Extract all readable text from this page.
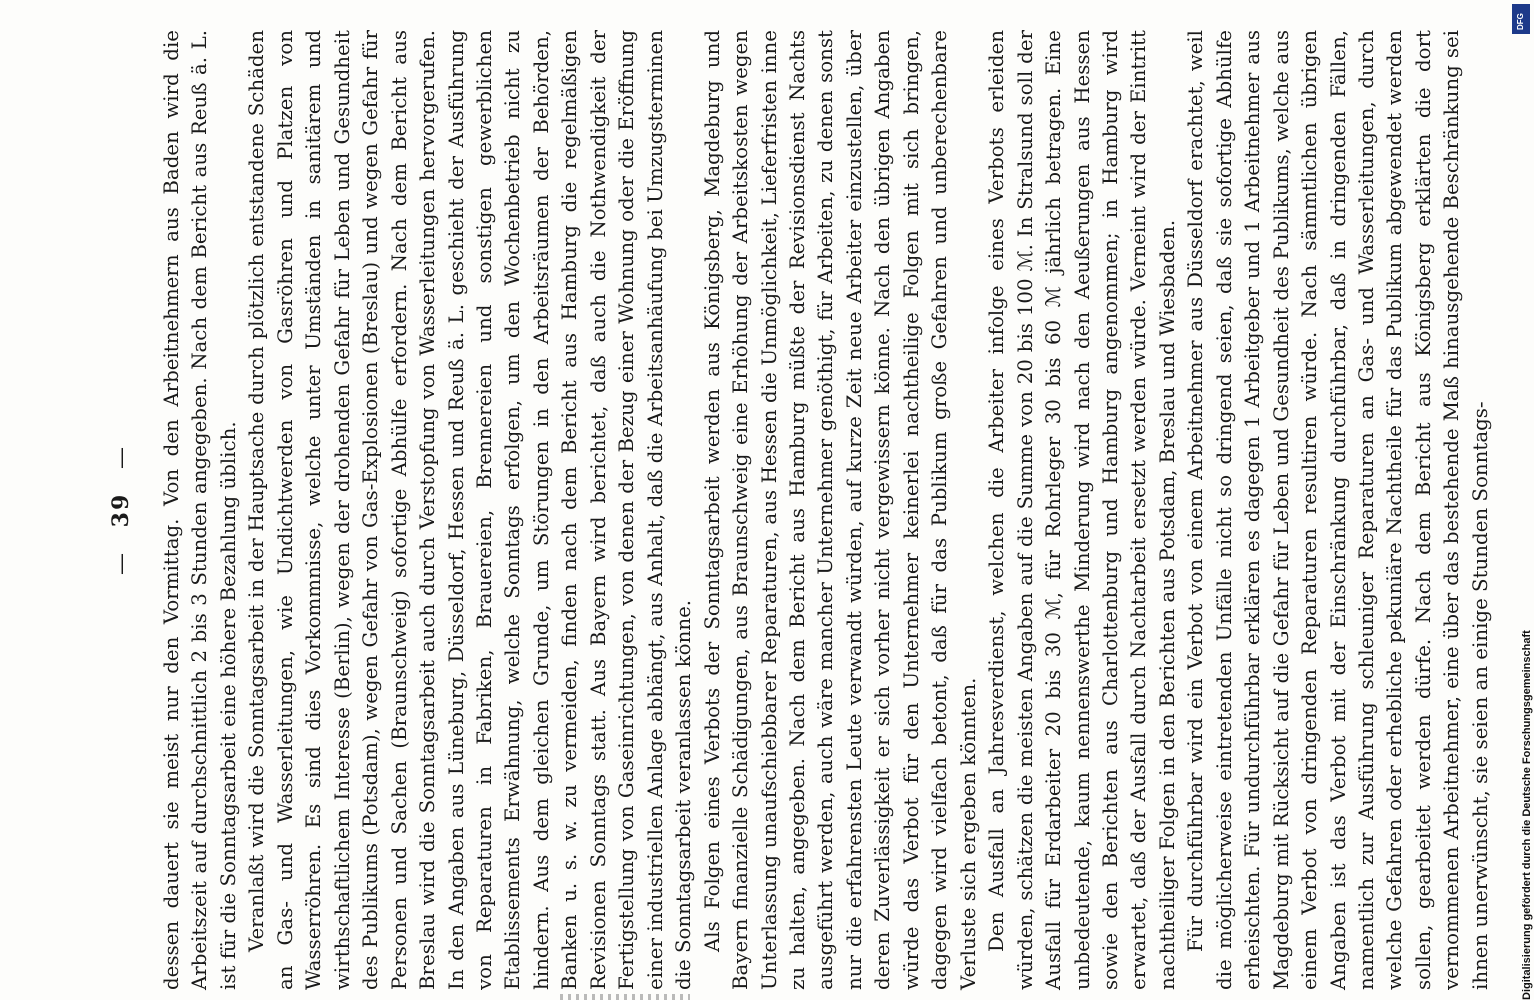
— 39 — dessen dauert sie meist nur den Vormittag. Von den Arbeitnehmern aus Baden wird die Arbeitszeit auf durchschnittlich 2 bis 3 Stunden angegeben. Nach dem Bericht aus Reuß ä. L. ist für die Sonntagsarbeit eine höhere Bezahlung üblich. Veranlaßt wird die Sonntagsarbeit in der Hauptsache durch plötzlich entstandene Schäden an Gas- und Wasserleitungen, wie Undichtwerden von Gasröhren und Platzen von Wasserröhren. Es sind dies Vorkommnisse, welche unter Umständen in sanitärem und wirthschaftlichem Interesse (Berlin), wegen der drohenden Gefahr für Leben und Gesundheit des Publikums (Potsdam), wegen Gefahr von Gas-Explosionen (Breslau) und wegen Gefahr für Personen und Sachen (Braunschweig) sofortige Abhülfe erfordern. Nach dem Bericht aus Breslau wird die Sonntagsarbeit auch durch Verstopfung von Wasserleitungen hervorgerufen. In den Angaben aus Lüneburg, Düsseldorf, Hessen und Reuß ä. L. geschieht der Ausführung von Reparaturen in Fabriken, Brauereien, Brennereien und sonstigen gewerblichen Etablissements Erwähnung, welche Sonntags erfolgen, um den Wochenbetrieb nicht zu hindern. Aus dem gleichen Grunde, um Störungen in den Arbeitsräumen der Behörden, Banken u. s. w. zu vermeiden, finden nach dem Bericht aus Hamburg die regelmäßigen Revisionen Sonntags statt. Aus Bayern wird berichtet, daß auch die Nothwendigkeit der Fertigstellung von Gaseinrichtungen, von denen der Bezug einer Wohnung oder die Eröffnung einer industriellen Anlage abhängt, aus Anhalt, daß die Arbeitsanhäufung bei Umzugsterminen die Sonntagsarbeit veranlassen könne. Als Folgen eines Verbots der Sonntagsarbeit werden aus Königsberg, Magdeburg und Bayern finanzielle Schädigungen, aus Braunschweig eine Erhöhung der Arbeitskosten wegen Unterlassung unaufschiebbarer Reparaturen, aus Hessen die Unmöglichkeit, Lieferfristen inne zu halten, angegeben. Nach dem Bericht aus Hamburg müßte der Revisionsdienst Nachts ausgeführt werden, auch wäre mancher Unternehmer genöthigt, für Arbeiten, zu denen sonst nur die erfahrensten Leute verwandt würden, auf kurze Zeit neue Arbeiter einzustellen, über deren Zuverlässigkeit er sich vorher nicht vergewissern könne. Nach den übrigen Angaben würde das Verbot für den Unternehmer keinerlei nachtheilige Folgen mit sich bringen, dagegen wird vielfach betont, daß für das Publikum große Gefahren und unberechenbare Verluste sich ergeben könnten. Den Ausfall an Jahresverdienst, welchen die Arbeiter infolge eines Verbots erleiden würden, schätzen die meisten Angaben auf die Summe von 20 bis 100 ℳ. In Stralsund soll der Ausfall für Erdarbeiter 20 bis 30 ℳ, für Rohrleger 30 bis 60 ℳ jährlich betragen. Eine unbedeutende, kaum nennenswerthe Minderung wird nach den Aeußerungen aus Hessen sowie den Berichten aus Charlottenburg und Hamburg angenommen; in Hamburg wird erwartet, daß der Ausfall durch Nachtarbeit ersetzt werden würde. Verneint wird der Eintritt nachtheiliger Folgen in den Berichten aus Potsdam, Breslau und Wiesbaden. Für durchführbar wird ein Verbot von einem Arbeitnehmer aus Düsseldorf erachtet, weil die möglicherweise eintretenden Unfälle nicht so dringend seien, daß sie sofortige Abhülfe erheischten. Für undurchführbar erklären es dagegen 1 Arbeitgeber und 1 Arbeitnehmer aus Magdeburg mit Rücksicht auf die Gefahr für Leben und Gesundheit des Publikums, welche aus einem Verbot von dringenden Reparaturen resultiren würde. Nach sämmtlichen übrigen Angaben ist das Verbot mit der Einschränkung durchführbar, daß in dringenden Fällen, namentlich zur Ausführung schleuniger Reparaturen an Gas- und Wasserleitungen, durch welche Gefahren oder erhebliche pekuniäre Nachtheile für das Publikum abgewendet werden sollen, gearbeitet werden dürfe. Nach dem Bericht aus Königsberg erklärten die dort vernommenen Arbeitnehmer, eine über das bestehende Maß hinausgehende Beschränkung sei ihnen unerwünscht, sie seien an einige Stunden Sonntags-

DFG
Digitalisierung gefördert durch die Deutsche Forschungsgemeinschaft
